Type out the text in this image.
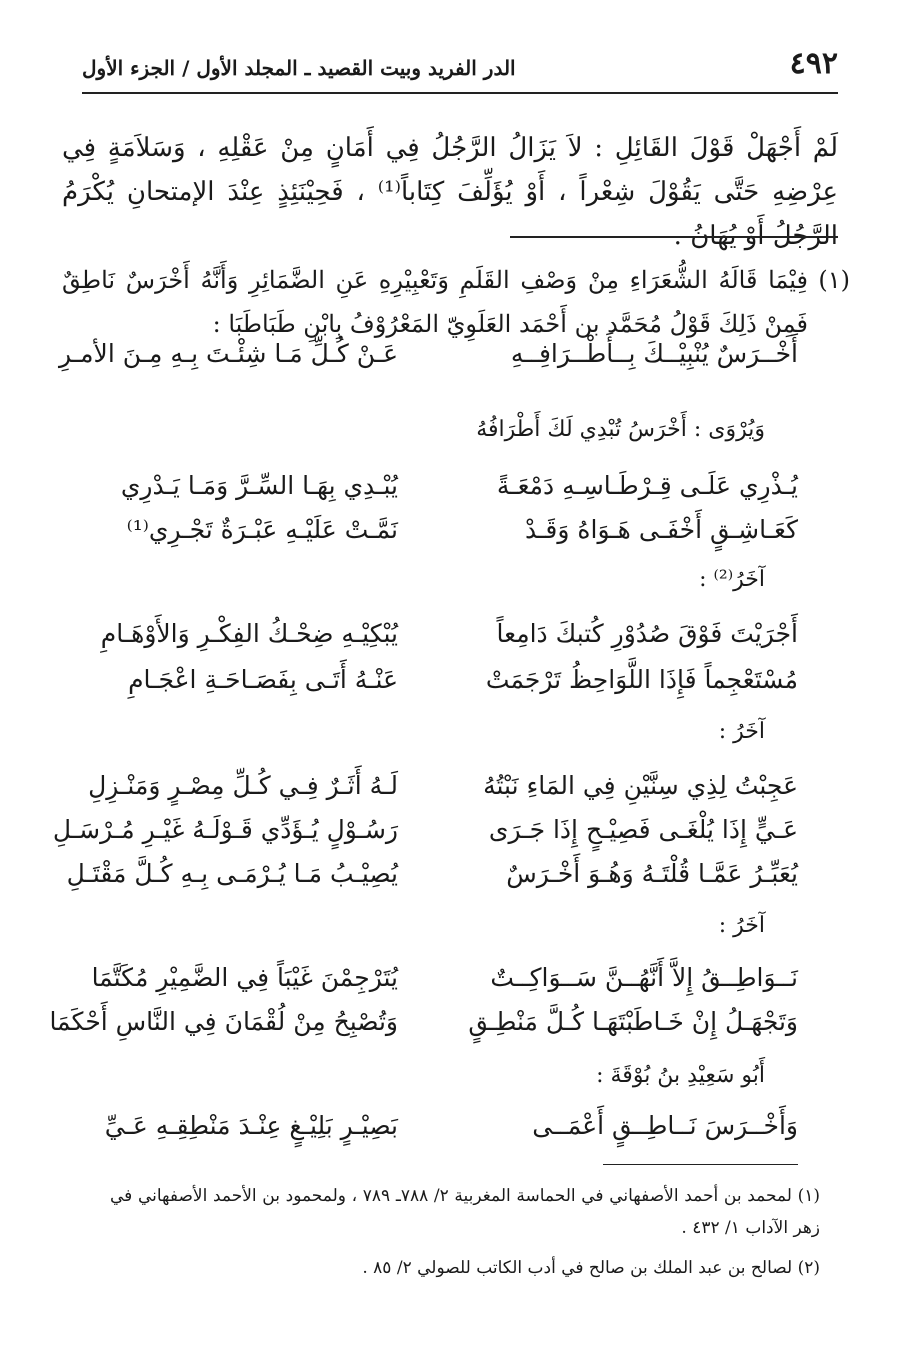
٤٩٢
الدر الفريد وبيت القصيد ـ المجلد الأول / الجزء الأول

لَمْ أَجْهَلْ قَوْلَ القَائِلِ : لاَ يَزَالُ الرَّجُلُ فِي أَمَانٍ مِنْ عَقْلِهِ ، وَسَلاَمَةٍ فِي عِرْضِهِ حَتَّى يَقُوْلَ شِعْراً ، أَوْ يُؤَلِّفَ كِتَاباً⁽¹⁾ ، فَحِيْنَئِذٍ عِنْدَ الإمتحانِ يُكْرَمُ الرَّجُلُ أَوْ يُهَانُ .

(١)

فِيْمَا قَالَهُ الشُّعَرَاءِ مِنْ وَصْفِ القَلَمِ وَتَعْبِيْرِهِ عَنِ الضَّمَائِرِ وَأَنَّهُ أَخْرَسٌ نَاطِقٌ فَمِنْ ذَلِكَ قَوْلُ مُحَمَّد بن أَحْمَد العَلَوِيّ المَعْرُوْفُ بِابْنِ طَبَاطَبَا :

أَخْــرَسٌ يُنْبِيْــكَ بِــأَطْــرَافِــهِ
عَـنْ كُـلِّ مَـا شِئْـتَ بِـهِ مِـنَ الأمـرِ
وَيُرْوَى : أَخْرَسُ تُبْدِي لَكَ أَطْرَافُهُ
يُـذْرِي عَلَـى قِـرْطَـاسِـهِ دَمْعَـةً
يُبْـدِي بِهَـا السِّـرَّ وَمَـا يَـدْرِي
كَعَـاشِـقٍ أَخْفَـى هَـوَاهُ وَقَـدْ
نَمَّـتْ عَلَيْـهِ عَبْـرَةٌ تَجْـرِي⁽¹⁾
آخَرُ⁽²⁾ :
أَجْرَيْتَ فَوْقَ صُدُوْرِ كُتبكَ دَامِعاً
يُبْكِيْـهِ ضِحْـكُ الفِكْـرِ وَالأَوْهَـامِ
مُسْتَعْجِماً فَإِذَا اللَّوَاحِظُ تَرْجَمَتْ
عَنْـهُ أَتَـى بِفَصَـاحَـةِ اعْجَـامِ
آخَرُ :
عَجِبْتُ لِذِي سِنَّيْنِ فِي المَاءِ نَبْتُهُ
لَـهُ أَثَـرٌ فِـي كُـلِّ مِصْـرٍ وَمَنْـزِلِ
عَـيٍّ إِذَا يُلْغَـى فَصِيْـحٍ إِذَا جَـرَى
رَسُـوْلٍ يُـؤَدِّي قَـوْلَـهُ غَيْـرِ مُـرْسَـلِ
يُعَبِّـرُ عَمَّـا قُلْتَـهُ وَهُـوَ أَخْـرَسٌ
يُصِيْـبُ مَـا يُـرْمَـى بِـهِ كُـلَّ مَقْتَـلِ
آخَرُ :
نَــوَاطِــقُ إِلاَّ أَنَّهُــنَّ سَــوَاكِــتٌ
يُتَرْجِمْنَ غَيْبَاً فِي الضَّمِيْرِ مُكَتَّمَا
وَتَجْهَـلُ إِنْ خَـاطَبْتَهَـا كُـلَّ مَنْطِـقٍ
وَتُصْبِحُ مِنْ لُقْمَانَ فِي النَّاسِ أَحْكَمَا
أَبُو سَعِيْدِ بنُ بُوْقَةَ :
وَأَخْــرَسَ نَــاطِــقٍ أَعْمَــى
بَصِيْـرٍ بَلِيْـغٍ عِنْـدَ مَنْطِقِـهِ عَـيِّ

(١) لمحمد بن أحمد الأصفهاني في الحماسة المغربية ٢/ ٧٨٨ـ ٧٨٩ ، ولمحمود بن الأحمد الأصفهاني في زهر الآداب ١/ ٤٣٢ .

(٢) لصالح بن عبد الملك بن صالح في أدب الكاتب للصولي ٢/ ٨٥ .
